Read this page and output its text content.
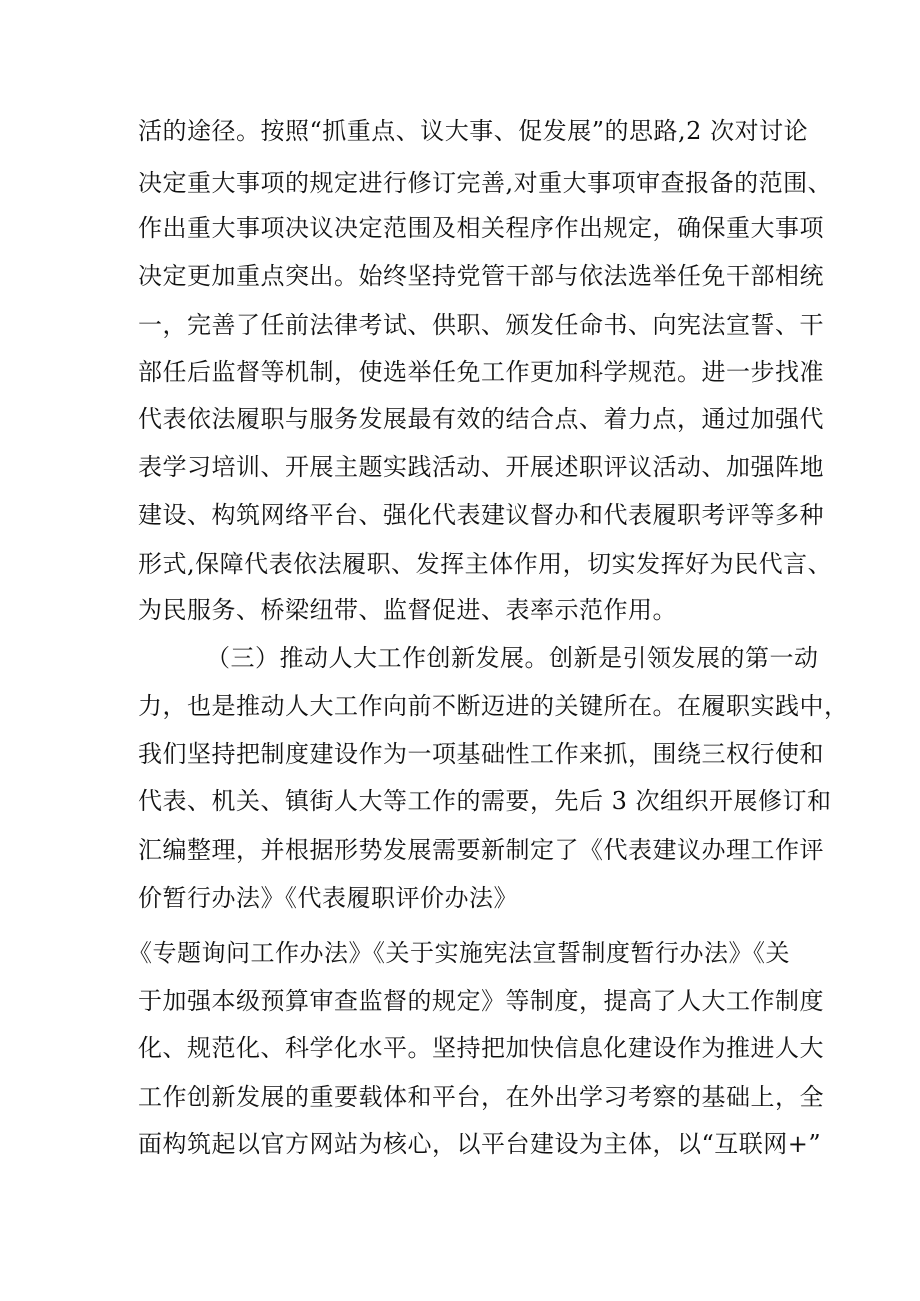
活的途径。按照“抓重点、议大事、促发展”的思路,2 次对讨论
决定重大事项的规定进行修订完善,对重大事项审查报备的范围、
作出重大事项决议决定范围及相关程序作出规定，确保重大事项
决定更加重点突出。始终坚持党管干部与依法选举任免干部相统
一，完善了任前法律考试、供职、颁发任命书、向宪法宣誓、干
部任后监督等机制，使选举任免工作更加科学规范。进一步找准
代表依法履职与服务发展最有效的结合点、着力点，通过加强代
表学习培训、开展主题实践活动、开展述职评议活动、加强阵地
建设、构筑网络平台、强化代表建议督办和代表履职考评等多种
形式,保障代表依法履职、发挥主体作用，切实发挥好为民代言、
为民服务、桥梁纽带、监督促进、表率示范作用。
（三）推动人大工作创新发展。创新是引领发展的第一动
力，也是推动人大工作向前不断迈进的关键所在。在履职实践中，
我们坚持把制度建设作为一项基础性工作来抓，围绕三权行使和
代表、机关、镇街人大等工作的需要，先后 3 次组织开展修订和
汇编整理，并根据形势发展需要新制定了《代表建议办理工作评
价暂行办法》《代表履职评价办法》
《专题询问工作办法》《关于实施宪法宣誓制度暂行办法》《关
于加强本级预算审查监督的规定》等制度，提高了人大工作制度
化、规范化、科学化水平。坚持把加快信息化建设作为推进人大
工作创新发展的重要载体和平台，在外出学习考察的基础上，全
面构筑起以官方网站为核心，以平台建设为主体，以“互联网+”
